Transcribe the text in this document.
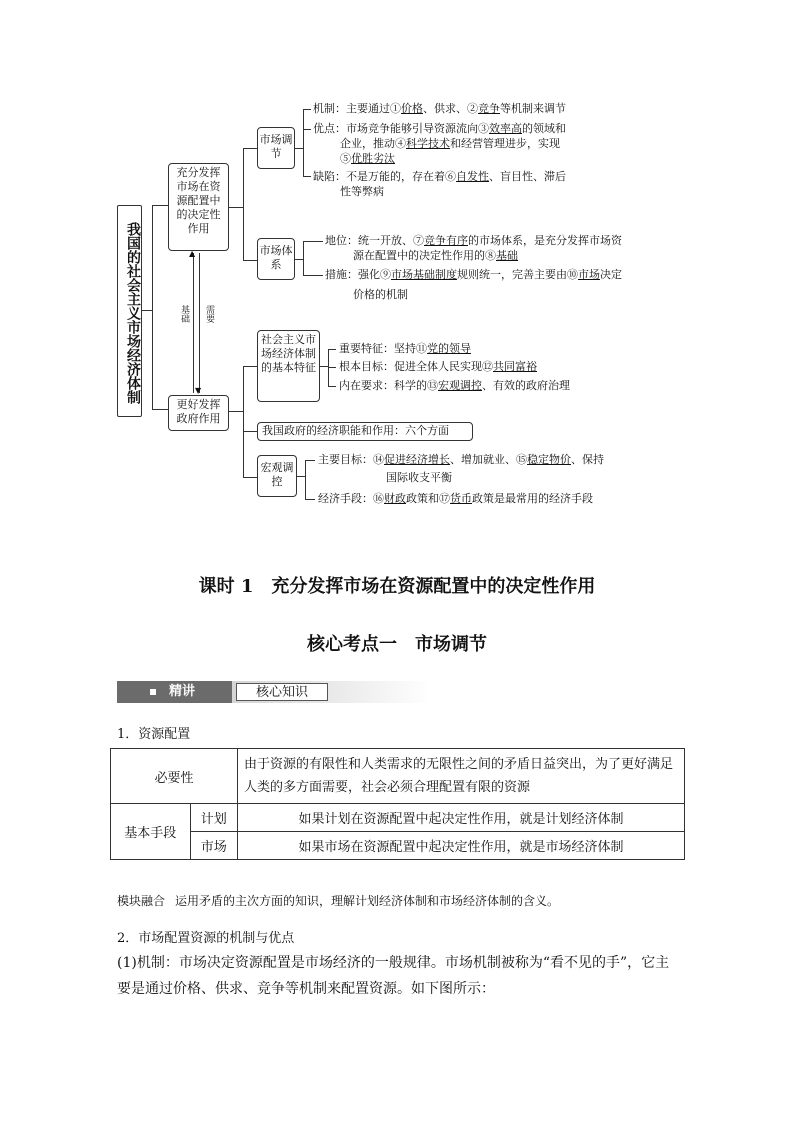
我国的社会主义市场经济体制
充分发挥市场在资源配置中的决定性作用
更好发挥政府作用
▲
▼
基础 需要
市场调节
市场体系
机制：主要通过①价格、供求、②竞争等机制来调节
优点：市场竞争能够引导资源流向③效率高的领域和
企业，推动④科学技术和经营管理进步，实现
⑤优胜劣汰
缺陷：不是万能的，存在着⑥自发性、盲目性、滞后
性等弊病
地位：统一开放、⑦竞争有序的市场体系，是充分发挥市场资
源在配置中的决定性作用的⑧基础
措施：强化⑨市场基础制度规则统一，完善主要由⑩市场决定
价格的机制
社会主义市场经济体制的基本特征
我国政府的经济职能和作用：六个方面
宏观调控
重要特征：坚持⑪党的领导
根本目标：促进全体人民实现⑫共同富裕
内在要求：科学的⑬宏观调控、有效的政府治理
主要目标：⑭促进经济增长、增加就业、⑮稳定物价、保持
国际收支平衡
经济手段：⑯财政政策和⑰货币政策是最常用的经济手段
课时 1　充分发挥市场在资源配置中的决定性作用
核心考点一　市场调节
精讲	核心知识
1．资源配置
必要性		由于资源的有限性和人类需求的无限性之间的矛盾日益突出，为了更好满足人类的多方面需要，社会必须合理配置有限的资源
基本手段	计划	如果计划在资源配置中起决定性作用，就是计划经济体制
	市场	如果市场在资源配置中起决定性作用，就是市场经济体制
模块融合 运用矛盾的主次方面的知识，理解计划经济体制和市场经济体制的含义。
2．市场配置资源的机制与优点
(1)机制：市场决定资源配置是市场经济的一般规律。市场机制被称为“看不见的手”，它主要是通过价格、供求、竞争等机制来配置资源。如下图所示：
